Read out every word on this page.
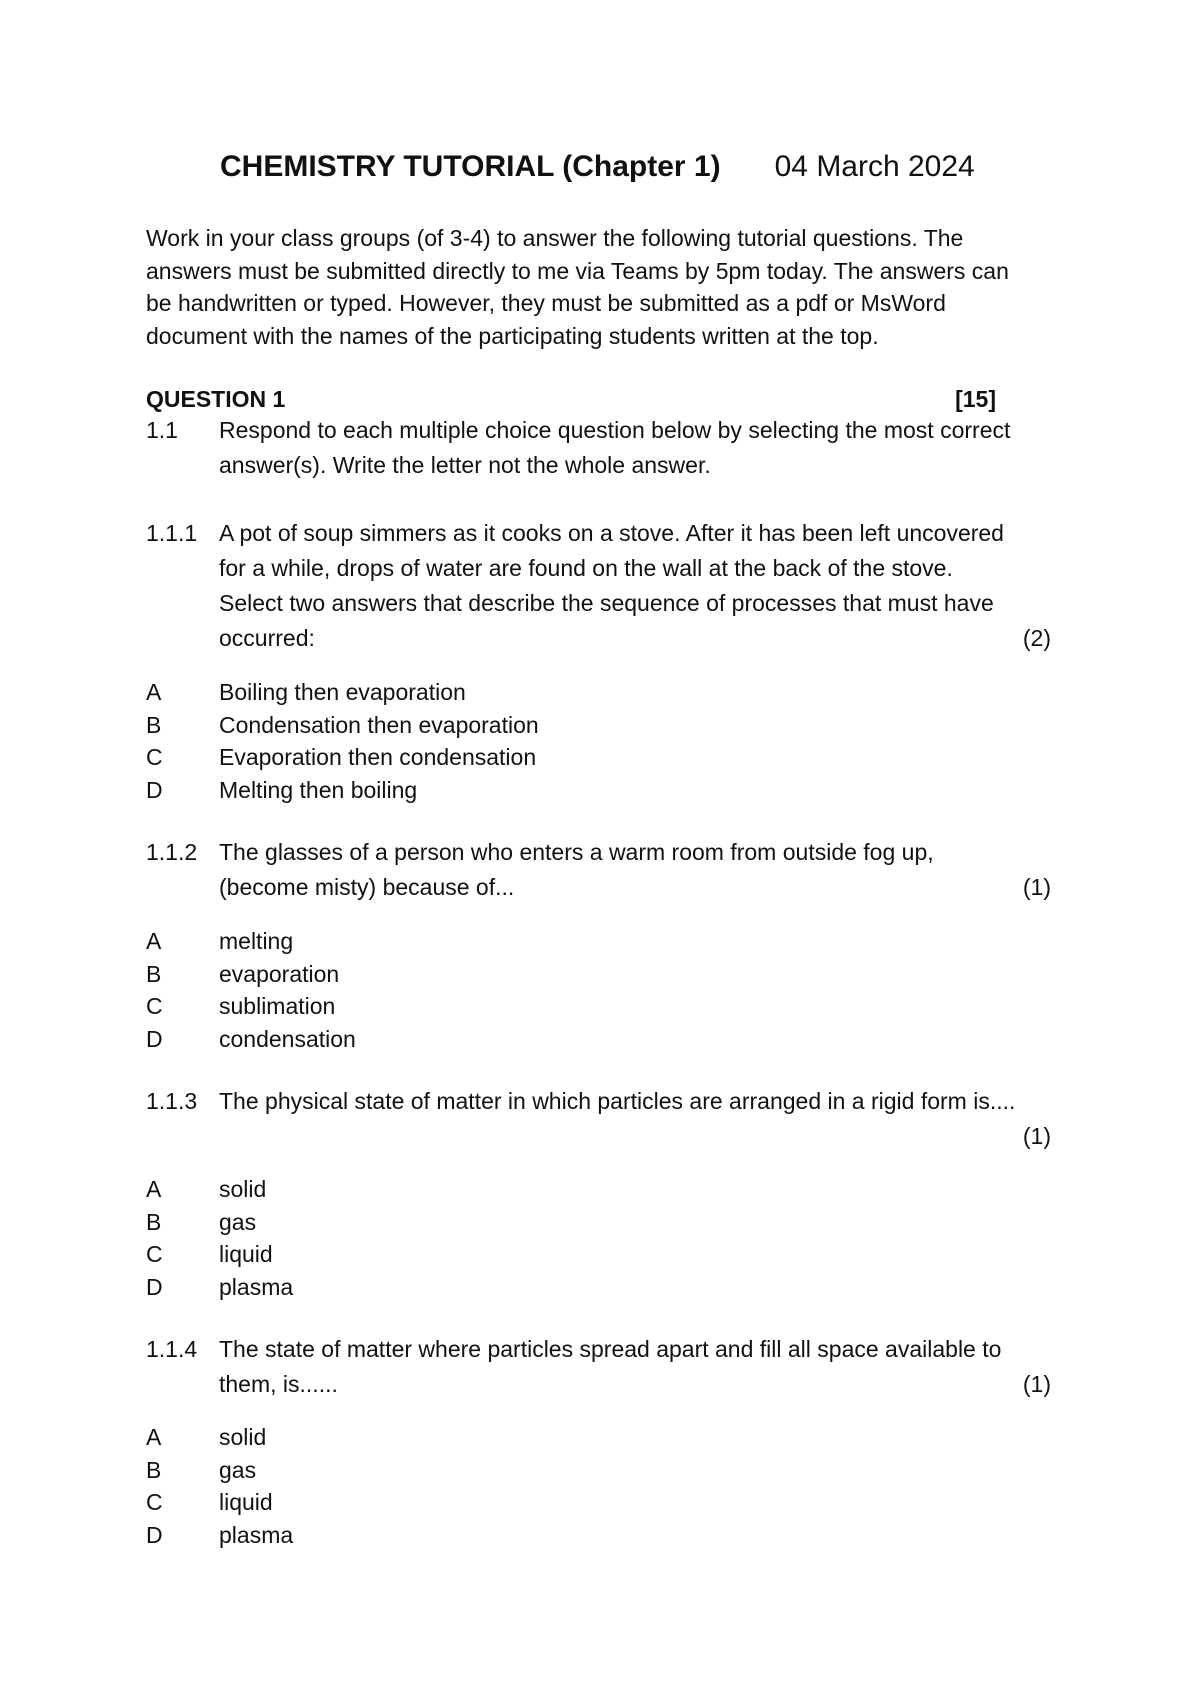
CHEMISTRY TUTORIAL (Chapter 1) 04 March 2024
Work in your class groups (of 3-4) to answer the following tutorial questions. The
answers must be submitted directly to me via Teams by 5pm today. The answers can
be handwritten or typed. However, they must be submitted as a pdf or MsWord
document with the names of the participating students written at the top.
QUESTION 1	[15]
1.1 Respond to each multiple choice question below by selecting the most correct
answer(s). Write the letter not the whole answer.
1.1.1 A pot of soup simmers as it cooks on a stove. After it has been left uncovered
for a while, drops of water are found on the wall at the back of the stove.
Select two answers that describe the sequence of processes that must have
occurred:	(2)
A	Boiling then evaporation
B	Condensation then evaporation
C Evaporation then condensation
D Melting then boiling
1.1.2 The glasses of a person who enters a warm room from outside fog up,
(become misty) because of...	(1)
A	melting
B	evaporation
C sublimation
D condensation
1.1.3 The physical state of matter in which particles are arranged in a rigid form is....
(1)
A	solid
B	gas
C liquid
D plasma
1.1.4 The state of matter where particles spread apart and fill all space available to
them, is......	(1)
A	solid
B	gas
C liquid
D plasma
